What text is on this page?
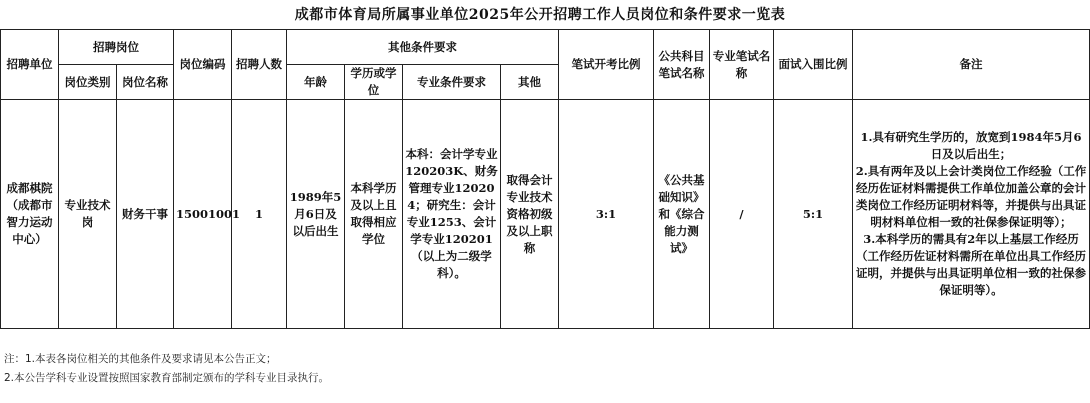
成都市体育局所属事业单位2025年公开招聘工作人员岗位和条件要求一览表
招聘单位	招聘岗位		岗位编码	招聘人数	其他条件要求				笔试开考比例	公共科目笔试名称	专业笔试名称	面试入围比例	备注
	岗位类别	岗位名称			年龄	学历或学位	专业条件要求	其他					
成都棋院（成都市智力运动中心）	专业技术岗	财务干事	15001001	1	1989年5月6日及以后出生	本科学历及以上且取得相应学位	本科：会计学专业120203K、财务管理专业120204；研究生：会计专业1253、会计学专业120201（以上为二级学科）。	取得会计专业技术资格初级及以上职称	3:1	《公共基础知识》和《综合能力测试》	/	5:1	1.具有研究生学历的，放宽到1984年5月6日及以后出生；
2.具有两年及以上会计类岗位工作经验（工作经历佐证材料需提供工作单位加盖公章的会计类岗位工作经历证明材料等，并提供与出具证明材料单位相一致的社保参保证明等）；
3.本科学历的需具有2年以上基层工作经历（工作经历佐证材料需所在单位出具工作经历证明，并提供与出具证明单位相一致的社保参保证明等）。
注：1.本表各岗位相关的其他条件及要求请见本公告正文；
2.本公告学科专业设置按照国家教育部制定颁布的学科专业目录执行。
